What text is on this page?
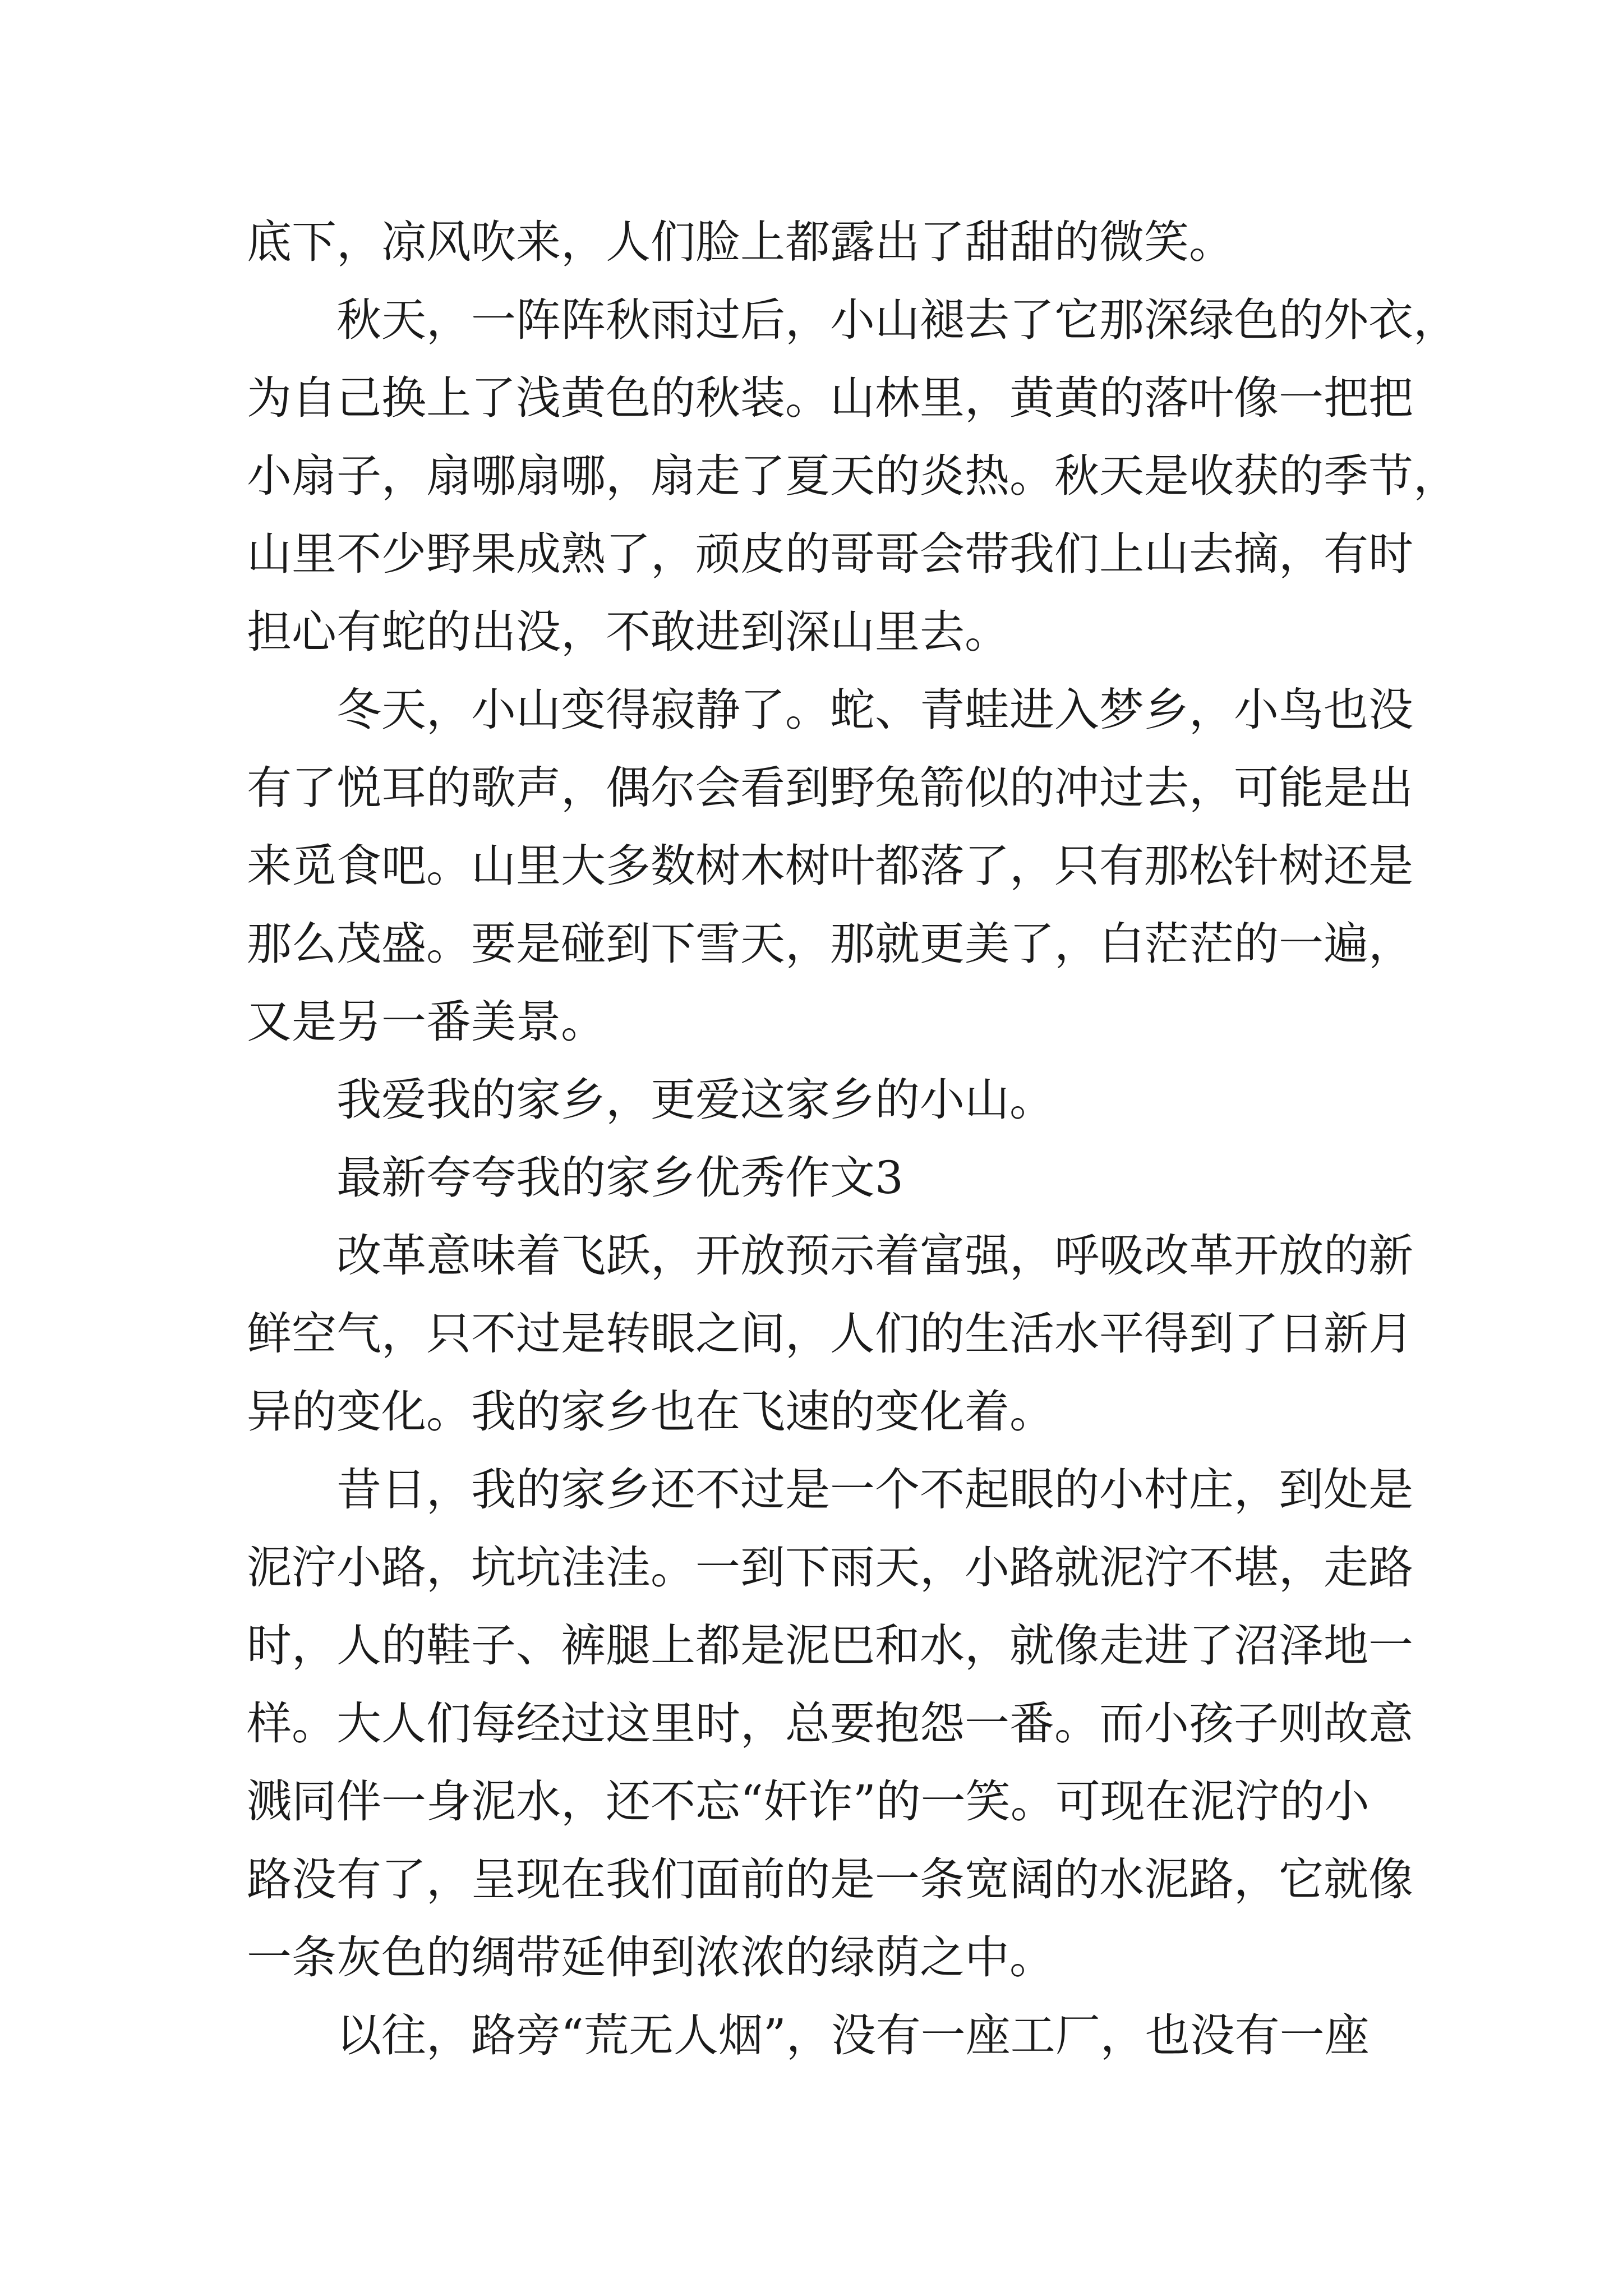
底下，凉风吹来，人们脸上都露出了甜甜的微笑。
秋天，一阵阵秋雨过后，小山褪去了它那深绿色的外衣，
为自己换上了浅黄色的秋装。山林里，黄黄的落叶像一把把
小扇子，扇哪扇哪，扇走了夏天的炎热。秋天是收获的季节，
山里不少野果成熟了，顽皮的哥哥会带我们上山去摘，有时
担心有蛇的出没，不敢进到深山里去。
冬天，小山变得寂静了。蛇、青蛙进入梦乡，小鸟也没
有了悦耳的歌声，偶尔会看到野兔箭似的冲过去，可能是出
来觅食吧。山里大多数树木树叶都落了，只有那松针树还是
那么茂盛。要是碰到下雪天，那就更美了，白茫茫的一遍，
又是另一番美景。
我爱我的家乡，更爱这家乡的小山。
最新夸夸我的家乡优秀作文3
改革意味着飞跃，开放预示着富强，呼吸改革开放的新
鲜空气，只不过是转眼之间，人们的生活水平得到了日新月
异的变化。我的家乡也在飞速的变化着。
昔日，我的家乡还不过是一个不起眼的小村庄，到处是
泥泞小路，坑坑洼洼。一到下雨天，小路就泥泞不堪，走路
时，人的鞋子、裤腿上都是泥巴和水，就像走进了沼泽地一
样。大人们每经过这里时，总要抱怨一番。而小孩子则故意
溅同伴一身泥水，还不忘“奸诈”的一笑。可现在泥泞的小
路没有了，呈现在我们面前的是一条宽阔的水泥路，它就像
一条灰色的绸带延伸到浓浓的绿荫之中。
以往，路旁“荒无人烟”，没有一座工厂，也没有一座
